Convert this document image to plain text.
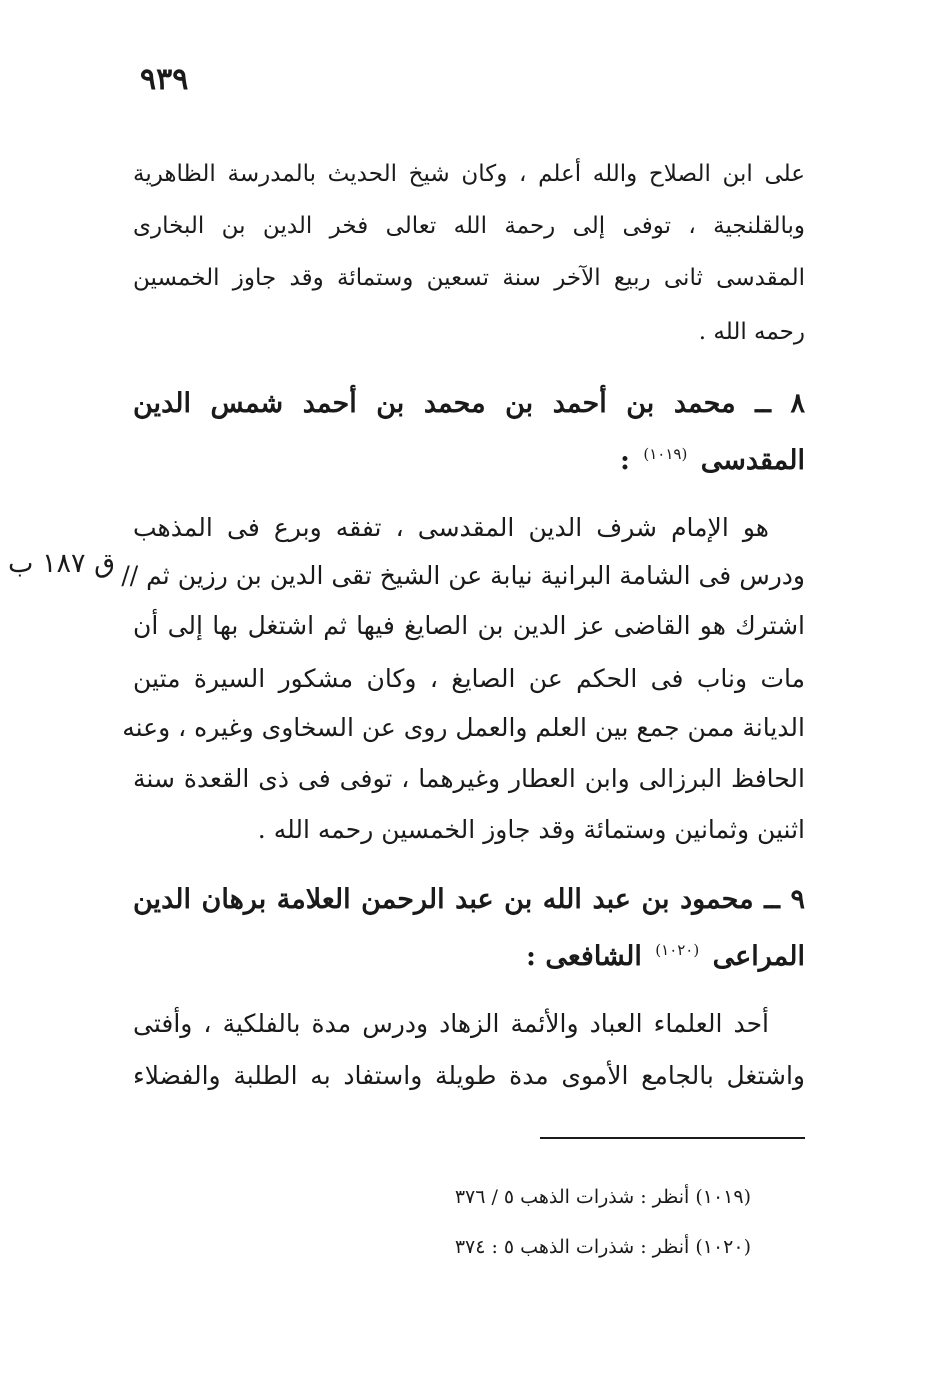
٩٣٩
على ابن الصلاح والله أعلم ، وكان شيخ الحديث بالمدرسة الظاهرية
وبالقلنجية ، توفى إلى رحمة الله تعالى فخر الدين بن البخارى
المقدسى ثانى ربيع الآخر سنة تسعين وستمائة وقد جاوز الخمسين
رحمه الله .
٨ ــ محمد بن أحمد بن محمد بن أحمد شمس الدين
المقدسى $^{(١٠١٩)}$ :
هو الإمام شرف الدين المقدسى ، تفقه وبرع فى المذهب
ودرس فى الشامة البرانية نيابة عن الشيخ تقى الدين بن رزين ثم //
اشترك هو القاضى عز الدين بن الصايغ فيها ثم اشتغل بها إلى أن
مات وناب فى الحكم عن الصايغ ، وكان مشكور السيرة متين
الديانة ممن جمع بين العلم والعمل روى عن السخاوى وغيره ، وعنه
الحافظ البرزالى وابن العطار وغيرهما ، توفى فى ذى القعدة سنة
اثنين وثمانين وستمائة وقد جاوز الخمسين رحمه الله .
ق ١٨٧ ب
٩ ــ محمود بن عبد الله بن عبد الرحمن العلامة برهان الدين
المراعى $^{(١٠٢٠)}$ الشافعى :
أحد العلماء العباد والأئمة الزهاد ودرس مدة بالفلكية ، وأفتى
واشتغل بالجامع الأموى مدة طويلة واستفاد به الطلبة والفضلاء
(١٠١٩) أنظر : شذرات الذهب ٥ / ٣٧٦
(١٠٢٠) أنظر : شذرات الذهب ٥ : ٣٧٤
